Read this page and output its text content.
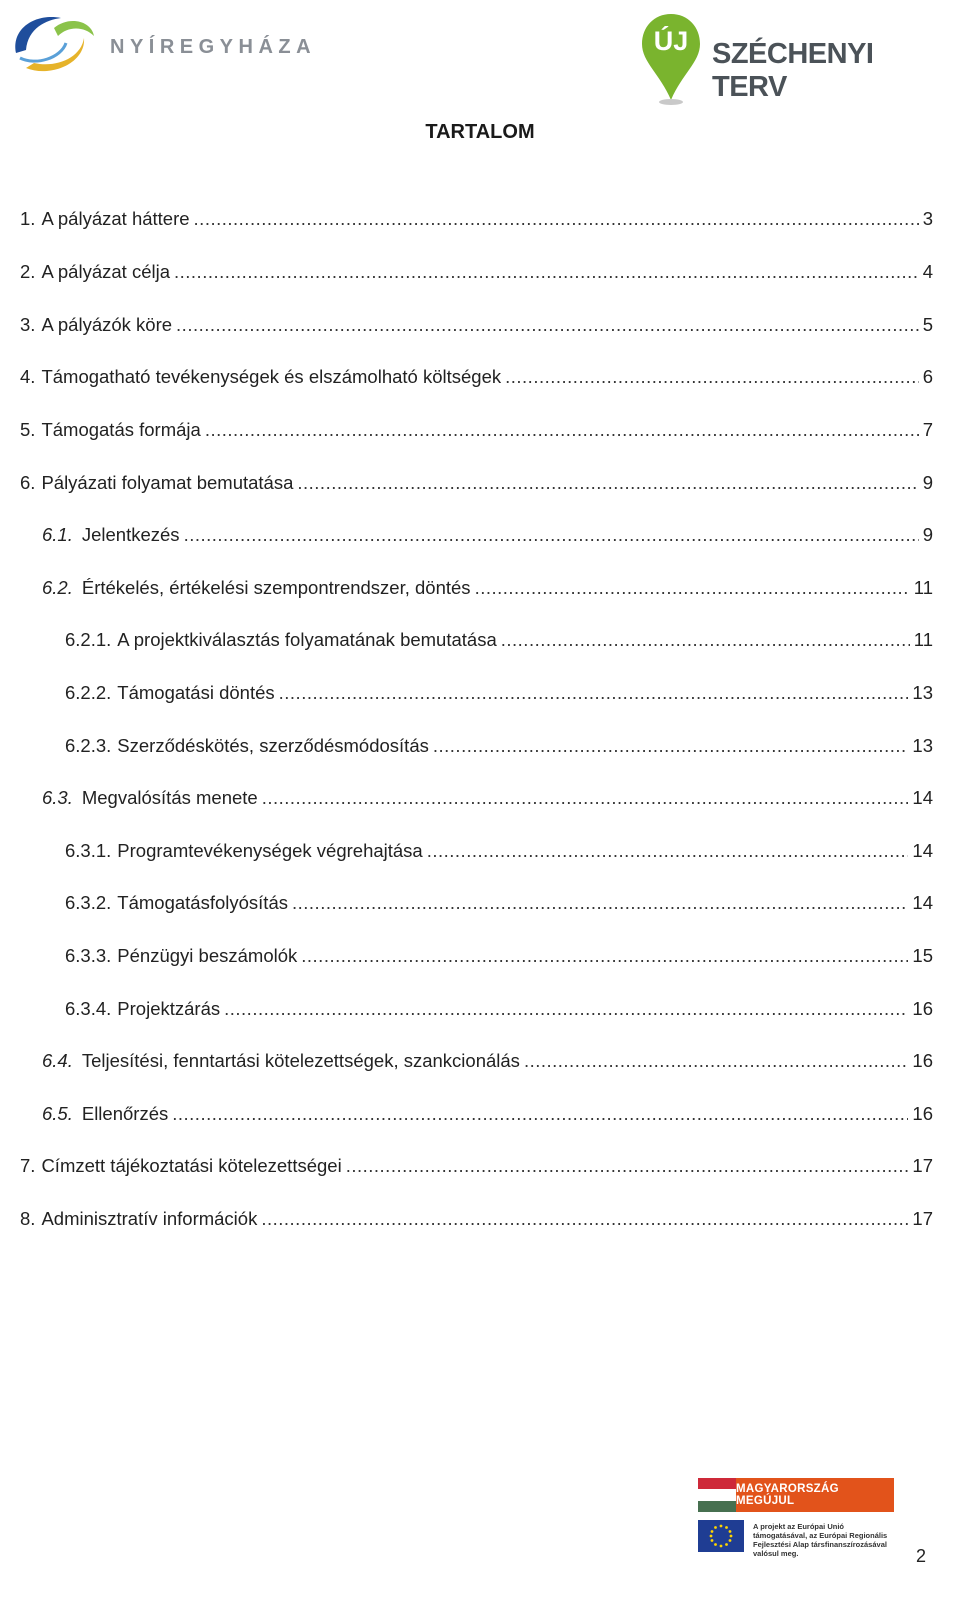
NYÍREGYHÁZA	ÚJ SZÉCHENYI TERV
TARTALOM
1. A pályázat háttere .....	3
2. A pályázat célja .....	4
3. A pályázók köre .....	5
4. Támogatható tevékenységek és elszámolható költségek .....	6
5. Támogatás formája .....	7
6. Pályázati folyamat bemutatása .....	9
6.1. Jelentkezés .....	9
6.2. Értékelés, értékelési szempontrendszer, döntés .....	11
6.2.1. A projektkiválasztás folyamatának bemutatása .....	11
6.2.2. Támogatási döntés .....	13
6.2.3. Szerződéskötés, szerződésmódosítás .....	13
6.3. Megvalósítás menete .....	14
6.3.1. Programtevékenységek végrehajtása .....	14
6.3.2. Támogatásfolyósítás .....	14
6.3.3. Pénzügyi beszámolók .....	15
6.3.4. Projektzárás .....	16
6.4. Teljesítési, fenntartási kötelezettségek, szankcionálás .....	16
6.5. Ellenőrzés .....	16
7. Címzett tájékoztatási kötelezettségei .....	17
8. Adminisztratív információk .....	17
MAGYARORSZÁG MEGÚJUL
A projekt az Európai Unió támogatásával, az Európai Regionális Fejlesztési Alap társfinanszírozásával valósul meg.	2
